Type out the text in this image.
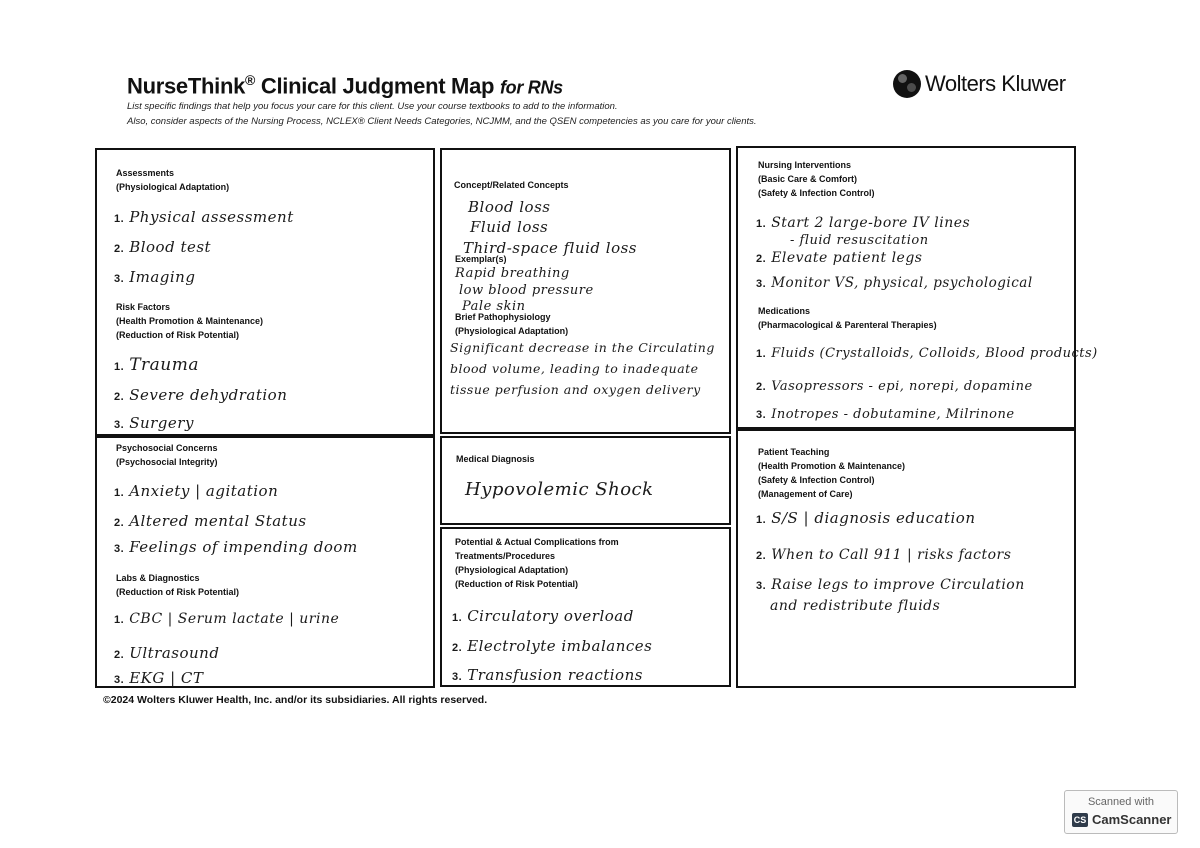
NurseThink® Clinical Judgment Map for RNs
List specific findings that help you focus your care for this client. Use your course textbooks to add to the information.
Also, consider aspects of the Nursing Process, NCLEX® Client Needs Categories, NCJMM, and the QSEN competencies as you care for your clients.
Wolters Kluwer
Assessments
(Physiological Adaptation)
1. Physical assessment
2. Blood test
3. Imaging
Risk Factors
(Health Promotion & Maintenance)
(Reduction of Risk Potential)
1. Trauma
2. Severe dehydration
3. Surgery
Concept/Related Concepts
Blood loss
Fluid loss
Third-space fluid loss
Exemplar(s)
Rapid breathing
low blood pressure
Pale skin
Brief Pathophysiology
(Physiological Adaptation)
Significant decrease in the Circulating
blood volume, leading to inadequate
tissue perfusion and oxygen delivery
Nursing Interventions
(Basic Care & Comfort)
(Safety & Infection Control)
1. Start 2 large-bore IV lines
- fluid resuscitation
2. Elevate patient legs
3. Monitor VS, physical, psychological
Medications
(Pharmacological & Parenteral Therapies)
1. Fluids (Crystalloids, Colloids, Blood products)
2. Vasopressors - epi, norepi, dopamine
3. Inotropes - dobutamine, Milrinone
Psychosocial Concerns
(Psychosocial Integrity)
1. Anxiety | agitation
2. Altered mental Status
3. Feelings of impending doom
Labs & Diagnostics
(Reduction of Risk Potential)
1. CBC | Serum lactate | urine
2. Ultrasound
3. EKG | CT
Medical Diagnosis
Hypovolemic Shock
Potential & Actual Complications from
Treatments/Procedures
(Physiological Adaptation)
(Reduction of Risk Potential)
1. Circulatory overload
2. Electrolyte imbalances
3. Transfusion reactions
Patient Teaching
(Health Promotion & Maintenance)
(Safety & Infection Control)
(Management of Care)
1. S/S | diagnosis education
2. When to Call 911 | risks factors
3. Raise legs to improve Circulation
and redistribute fluids
©2024 Wolters Kluwer Health, Inc. and/or its subsidiaries. All rights reserved.
Scanned with
CS CamScanner
